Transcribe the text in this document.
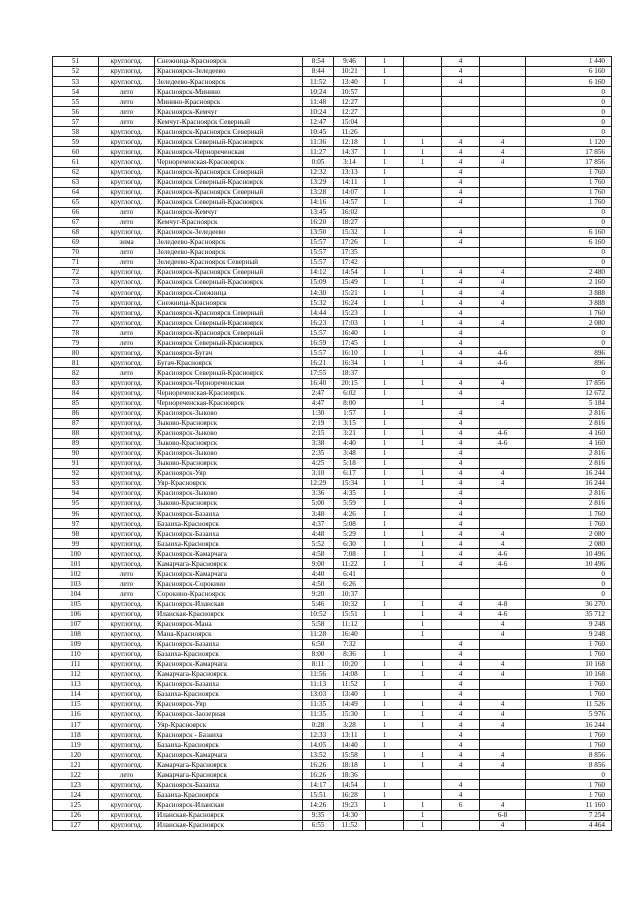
51	круглогод.	Снежница-Красноярск	8:54	9:46	1		4		1 440
52	круглогод.	Красноярск-Зеледеево	8:44	10:21	1		4		6 160
53	круглогод.	Зеледеево-Красноярск	11:52	13:40	1		4		6 160
54	лето	Красноярск-Минино	10:24	10:57					0
55	лето	Минино-Красноярск	11:48	12:27					0
56	лето	Красноярск-Кемчуг	10:24	12:27					0
57	лето	Кемчуг-Красноярск Северный	12:47	15:04					0
58	круглогод.	Красноярск-Красноярск Северный	10:45	11:26					0
59	круглогод.	Красноярск Северный-Красноярск	11:36	12:18	1	1	4	4	1 120
60	круглогод.	Красноярск-Чернореченская	11:27	14:37	1	1	4	4	17 856
61	круглогод.	Чернореченская-Красноярск	0:05	3:14	1	1	4	4	17 856
62	круглогод.	Красноярск-Красноярск Северный	12:32	13:13	1		4		1 760
63	круглогод.	Красноярск Северный-Красноярск	13:29	14:11	1		4		1 760
64	круглогод.	Красноярск-Красноярск Северный	13:28	14:07	1		4		1 760
65	круглогод.	Красноярск Северный-Красноярск	14:16	14:57	1		4		1 760
66	лето	Красноярск-Кемчуг	13:45	16:02					0
67	лето	Кемчуг-Красноярск	16:20	18:27					0
68	круглогод.	Красноярск-Зеледеево	13:50	15:32	1		4		6 160
69	зима	Зеледеево-Красноярск	15:57	17:26	1		4		6 160
70	лето	Зеледеево-Красноярск	15:57	17:35					0
71	лето	Зеледеево-Красноярск Северный	15:57	17:42					0
72	круглогод.	Красноярск-Красноярск Северный	14:12	14:54	1	1	4	4	2 480
73	круглогод.	Красноярск Северный-Красноярск	15:09	15:49	1	1	4	4	2 160
74	круглогод.	Красноярск-Снежница	14:30	15:21	1	1	4	4	3 888
75	круглогод.	Снежница-Красноярск	15:32	16:24	1	1	4	4	3 888
76	круглогод.	Красноярск-Красноярск Северный	14:44	15:23	1		4		1 760
77	круглогод.	Красноярск Северный-Красноярск	16:23	17:03	1	1	4	4	2 080
78	лето	Красноярск-Красноярск Северный	15:57	16:40	1		4		0
79	лето	Красноярск Северный-Красноярск	16:59	17:45	1		4		0
80	круглогод.	Красноярск-Бугач	15:57	16:10	1	1	4	4-6	896
81	круглогод.	Бугач-Красноярск	16:21	16:34	1	1	4	4-6	896
82	лето	Красноярск Северный-Красноярск	17:55	18:37					0
83	круглогод.	Красноярск-Чернореченская	16:40	20:15	1	1	4	4	17 856
84	круглогод.	Чернореченская-Красноярск	2:47	6:02	1		4		12 672
85	круглогод.	Чернореченская-Красноярск	4:47	8:00		1		4	5 184
86	круглогод.	Красноярск-Зыково	1:30	1:57	1		4		2 816
87	круглогод.	Зыково-Красноярск	2:19	3:15	1		4		2 816
88	круглогод.	Красноярск-Зыково	2:15	3:21	1	1	4	4-6	4 160
89	круглогод.	Зыково-Красноярск	3:38	4:40	1	1	4	4-6	4 160
90	круглогод.	Красноярск-Зыково	2:35	3:48	1		4		2 816
91	круглогод.	Зыково-Красноярск	4:25	5:18	1		4		2 816
92	круглогод.	Красноярск-Уяр	3:10	6:17	1	1	4	4	16 244
93	круглогод.	Уяр-Красноярск	12:29	15:34	1	1	4	4	16 244
94	круглогод.	Красноярск-Зыково	3:36	4:35	1		4		2 816
95	круглогод.	Зыково-Красноярск	5:00	5:59	1		4		2 816
96	круглогод.	Красноярск-Базаиха	3:48	4:26	1		4		1 760
97	круглогод.	Базаиха-Красноярск	4:37	5:08	1		4		1 760
98	круглогод.	Красноярск-Базаиха	4:48	5:29	1	1	4	4	2 080
99	круглогод.	Базаиха-Красноярск	5:52	6:30	1	1	4	4	2 080
100	круглогод.	Красноярск-Камарчага	4:58	7:08	1	1	4	4-6	10 496
101	круглогод.	Камарчага-Красноярск	9:00	11:22	1	1	4	4-6	10 496
102	лето	Красноярск-Камарчага	4:40	6:41					0
103	лето	Красноярск-Сорокино	4:50	6:26					0
104	лето	Сорокино-Красноярск	9:20	10:37					0
105	круглогод.	Красноярск-Иланская	5:46	10:32	1	1	4	4-8	36 270
106	круглогод.	Иланская-Красноярск	10:52	15:51	1	1	4	4-6	35 712
107	круглогод.	Красноярск-Мана	5:58	11:12		1		4	9 248
108	круглогод.	Мана-Красноярск	11:28	16:40		1		4	9 248
109	круглогод.	Красноярск-Базаиха	6:50	7:32			4		1 760
110	круглогод.	Базаиха-Красноярск	8:00	8:36	1		4		1 760
111	круглогод.	Красноярск-Камарчага	8:11	10:20	1	1	4	4	10 168
112	круглогод.	Камарчага-Красноярск	11:56	14:08	1	1	4	4	10 168
113	круглогод.	Красноярск-Базаиха	11:13	11:52	1		4		1 760
114	круглогод.	Базаиха-Красноярск	13:03	13:40	1		4		1 760
115	круглогод.	Красноярск-Уяр	11:35	14:49	1	1	4	4	11 526
116	круглогод.	Красноярск-Заозерная	11:35	15:30	1	1	4	4	5 976
117	круглогод.	Уяр-Красноярск	0:28	3:28	1	1	4	4	16 244
118	круглогод.	Красноярск - Базаиха	12:33	13:11	1		4		1 760
119	круглогод.	Базаиха-Красноярск	14:05	14:40	1		4		1 760
120	круглогод.	Красноярск-Камарчага	13:52	15:58	1	1	4	4	8 856
121	круглогод.	Камарчага-Красноярск	16:26	18:18	1	1	4	4	8 856
122	лето	Камарчага-Красноярск	16:26	18:36					0
123	круглогод.	Красноярск-Базаиха	14:17	14:54	1		4		1 760
124	круглогод.	Базаиха-Красноярск	15:51	16:28	1		4		1 760
125	круглогод.	Красноярск-Иланская	14:26	19:23	1	1	6	4	11 160
126	круглогод.	Иланская-Красноярск	9:35	14:30		1		6-8	7 254
127	круглогод.	Иланская-Красноярск	6:55	11:52		1		4	4 464
